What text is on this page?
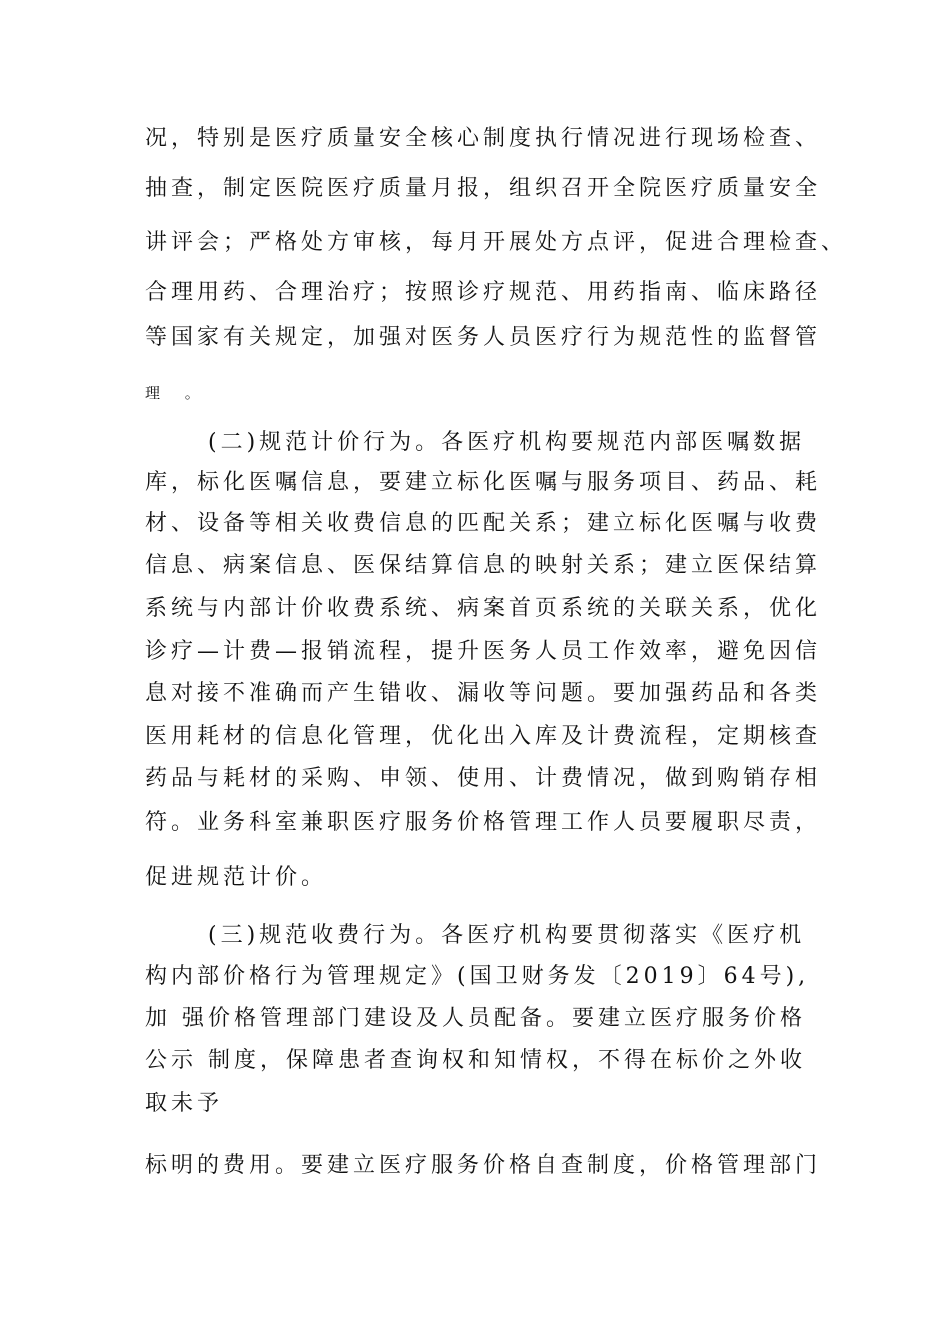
况，特别是医疗质量安全核心制度执行情况进行现场检查、

抽查，制定医院医疗质量月报，组织召开全院医疗质量安全

讲评会；严格处方审核，每月开展处方点评，促进合理检查、

合理用药、合理治疗；按照诊疗规范、用药指南、临床路径

等国家有关规定，加强对医务人员医疗行为规范性的监督管

理 。

(二)规范计价行为。各医疗机构要规范内部医嘱数据

库，标化医嘱信息，要建立标化医嘱与服务项目、药品、耗

材、设备等相关收费信息的匹配关系；建立标化医嘱与收费

信息、病案信息、医保结算信息的映射关系；建立医保结算

系统与内部计价收费系统、病案首页系统的关联关系，优化

诊疗—计费—报销流程，提升医务人员工作效率，避免因信

息对接不准确而产生错收、漏收等问题。要加强药品和各类

医用耗材的信息化管理，优化出入库及计费流程，定期核查

药品与耗材的采购、申领、使用、计费情况，做到购销存相

符。业务科室兼职医疗服务价格管理工作人员要履职尽责，

促进规范计价。

(三)规范收费行为。各医疗机构要贯彻落实《医疗机

构内部价格行为管理规定》(国卫财务发〔2019〕64号),

加 强价格管理部门建设及人员配备。要建立医疗服务价格

公示 制度，保障患者查询权和知情权，不得在标价之外收

取未予

标明的费用。要建立医疗服务价格自查制度，价格管理部门
